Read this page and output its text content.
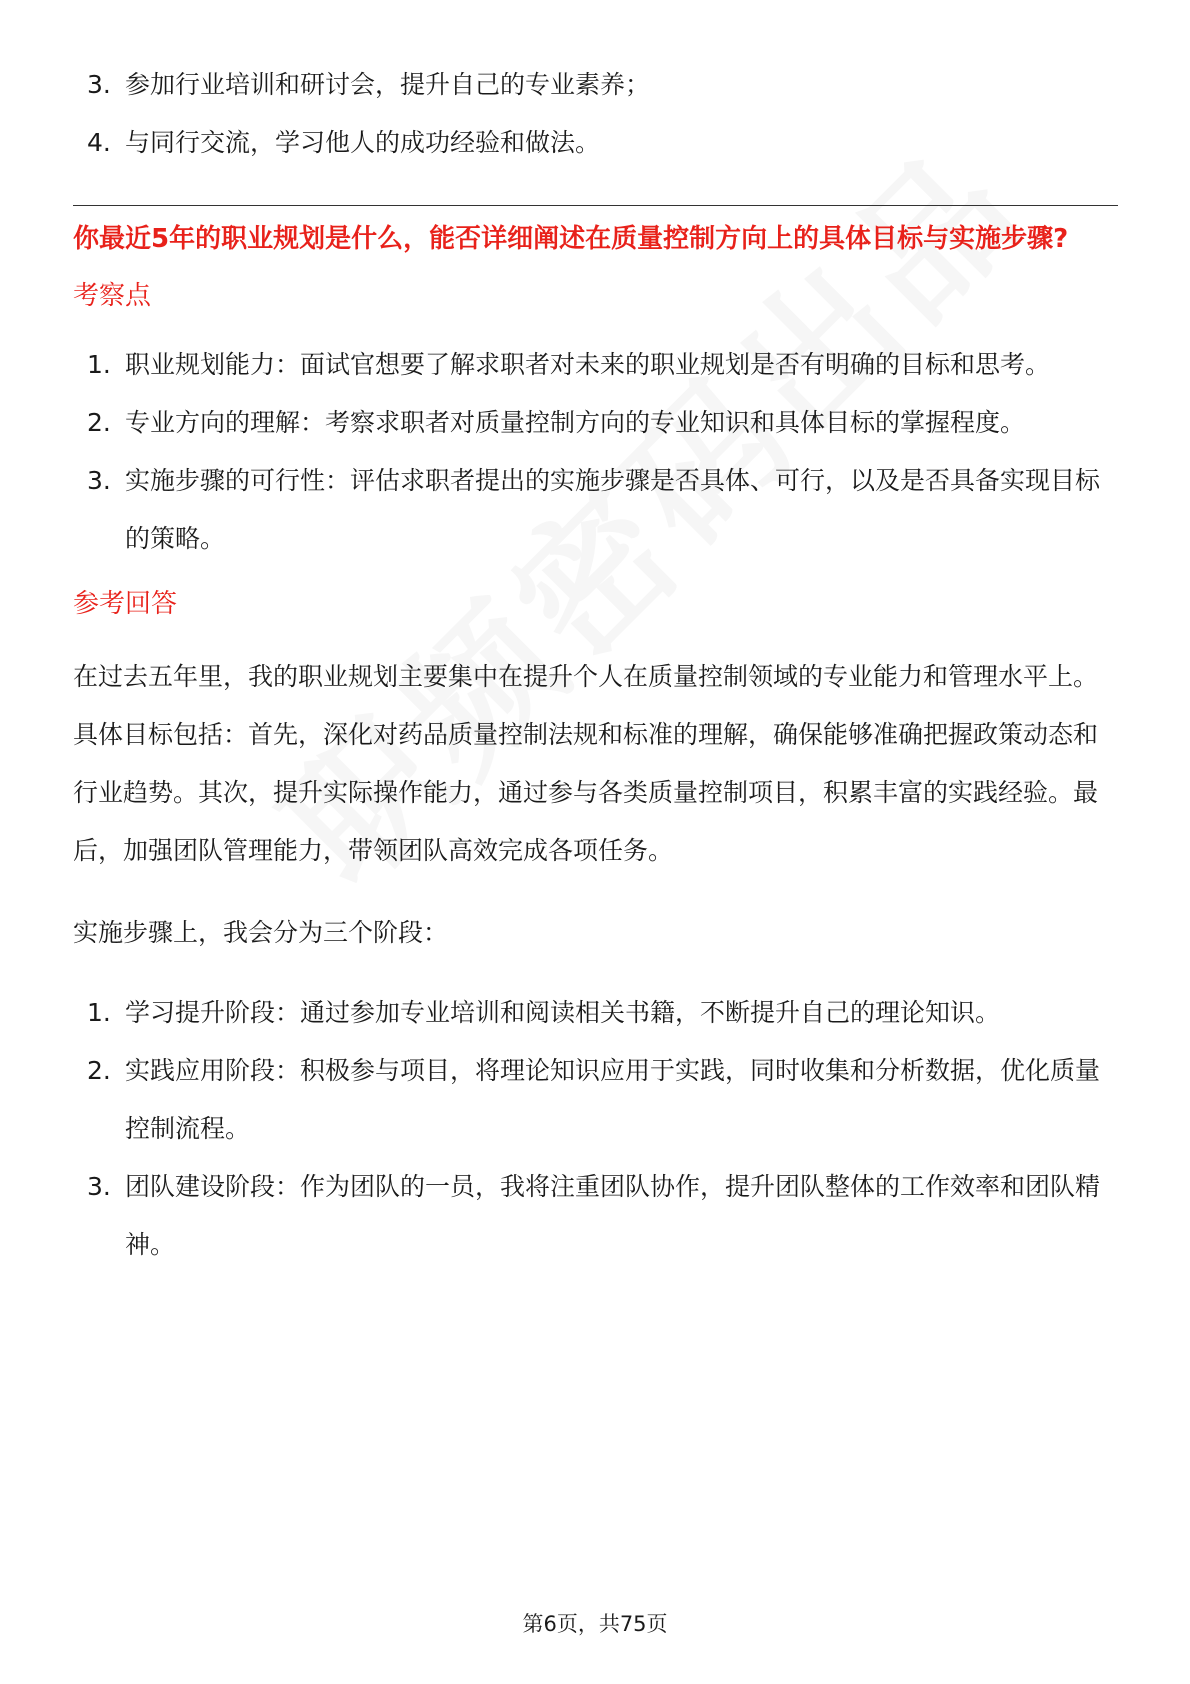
3. 参加行业培训和研讨会，提升自己的专业素养；
4. 与同行交流，学习他人的成功经验和做法。

你最近5年的职业规划是什么，能否详细阐述在质量控制方向上的具体目标与实施步骤?

考察点

1. 职业规划能力：面试官想要了解求职者对未来的职业规划是否有明确的目标和思考。
2. 专业方向的理解：考察求职者对质量控制方向的专业知识和具体目标的掌握程度。
3. 实施步骤的可行性：评估求职者提出的实施步骤是否具体、可行，以及是否具备实现目标的策略。

参考回答

在过去五年里，我的职业规划主要集中在提升个人在质量控制领域的专业能力和管理水平上。具体目标包括：首先，深化对药品质量控制法规和标准的理解，确保能够准确把握政策动态和行业趋势。其次，提升实际操作能力，通过参与各类质量控制项目，积累丰富的实践经验。最后，加强团队管理能力，带领团队高效完成各项任务。

实施步骤上，我会分为三个阶段：

1. 学习提升阶段：通过参加专业培训和阅读相关书籍，不断提升自己的理论知识。
2. 实践应用阶段：积极参与项目，将理论知识应用于实践，同时收集和分析数据，优化质量控制流程。
3. 团队建设阶段：作为团队的一员，我将注重团队协作，提升团队整体的工作效率和团队精神。
第6页，共75页
